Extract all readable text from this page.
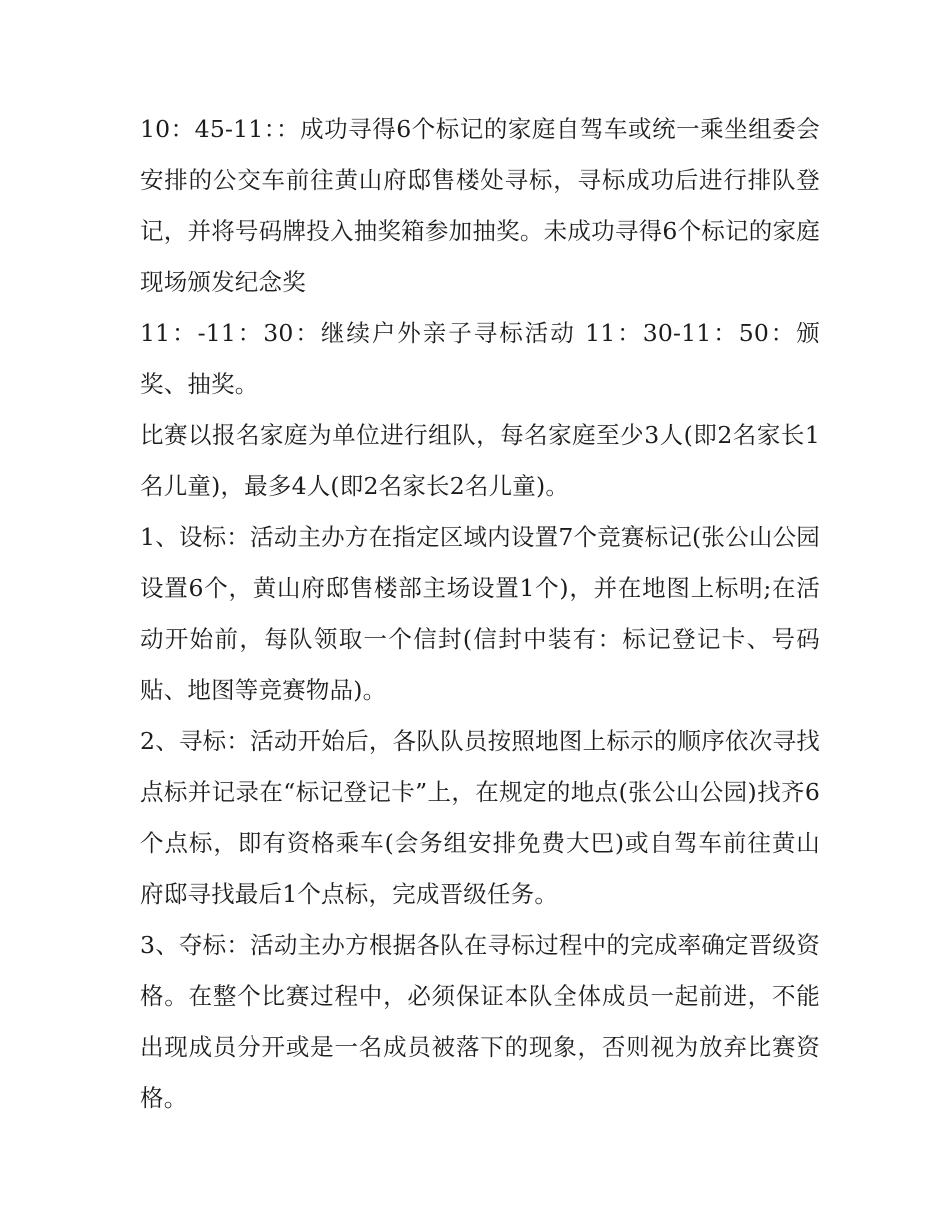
10：45-11：：成功寻得6个标记的家庭自驾车或统一乘坐组委会安排的公交车前往黄山府邸售楼处寻标，寻标成功后进行排队登记，并将号码牌投入抽奖箱参加抽奖。未成功寻得6个标记的家庭现场颁发纪念奖

11：-11：30：继续户外亲子寻标活动 11：30-11：50：颁奖、抽奖。

比赛以报名家庭为单位进行组队，每名家庭至少3人(即2名家长1名儿童)，最多4人(即2名家长2名儿童)。

1、设标：活动主办方在指定区域内设置7个竞赛标记(张公山公园设置6个，黄山府邸售楼部主场设置1个)，并在地图上标明;在活动开始前，每队领取一个信封(信封中装有：标记登记卡、号码贴、地图等竞赛物品)。

2、寻标：活动开始后，各队队员按照地图上标示的顺序依次寻找点标并记录在“标记登记卡”上，在规定的地点(张公山公园)找齐6个点标，即有资格乘车(会务组安排免费大巴)或自驾车前往黄山府邸寻找最后1个点标，完成晋级任务。

3、夺标：活动主办方根据各队在寻标过程中的完成率确定晋级资格。在整个比赛过程中，必须保证本队全体成员一起前进，不能出现成员分开或是一名成员被落下的现象，否则视为放弃比赛资格。
